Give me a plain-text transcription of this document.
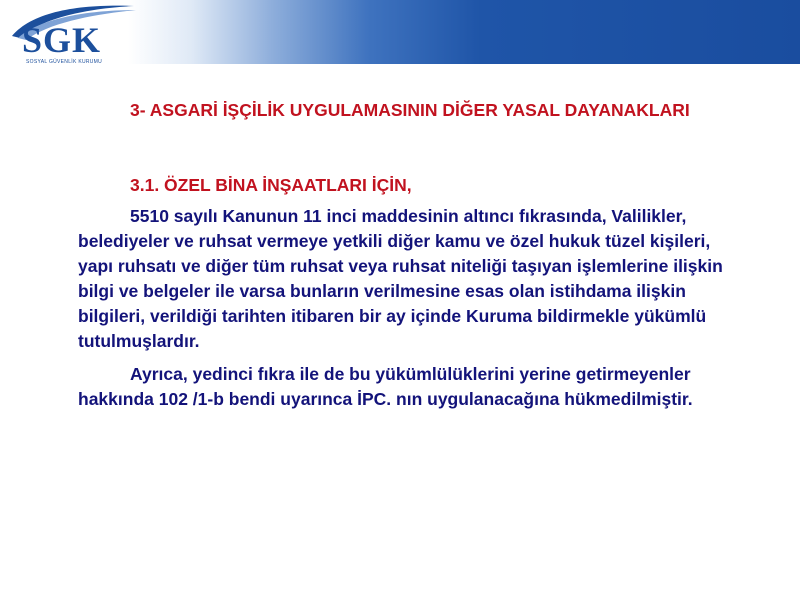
SGK
SOSYAL GÜVENLİK KURUMU

3- ASGARİ İŞÇİLİK UYGULAMASININ DİĞER YASAL DAYANAKLARI

3.1. ÖZEL BİNA İNŞAATLARI İÇİN,

5510 sayılı Kanunun 11 inci maddesinin altıncı fıkrasında, Valilikler, belediyeler ve ruhsat vermeye yetkili diğer kamu ve özel hukuk tüzel kişileri, yapı ruhsatı ve diğer tüm ruhsat veya ruhsat niteliği taşıyan işlemlerine ilişkin bilgi ve belgeler ile varsa bunların verilmesine esas olan istihdama ilişkin bilgileri, verildiği tarihten itibaren bir ay içinde Kuruma bildirmekle yükümlü tutulmuşlardır.

Ayrıca, yedinci fıkra ile de bu yükümlülüklerini yerine getirmeyenler hakkında 102 /1-b bendi uyarınca İPC. nın uygulanacağına hükmedilmiştir.
